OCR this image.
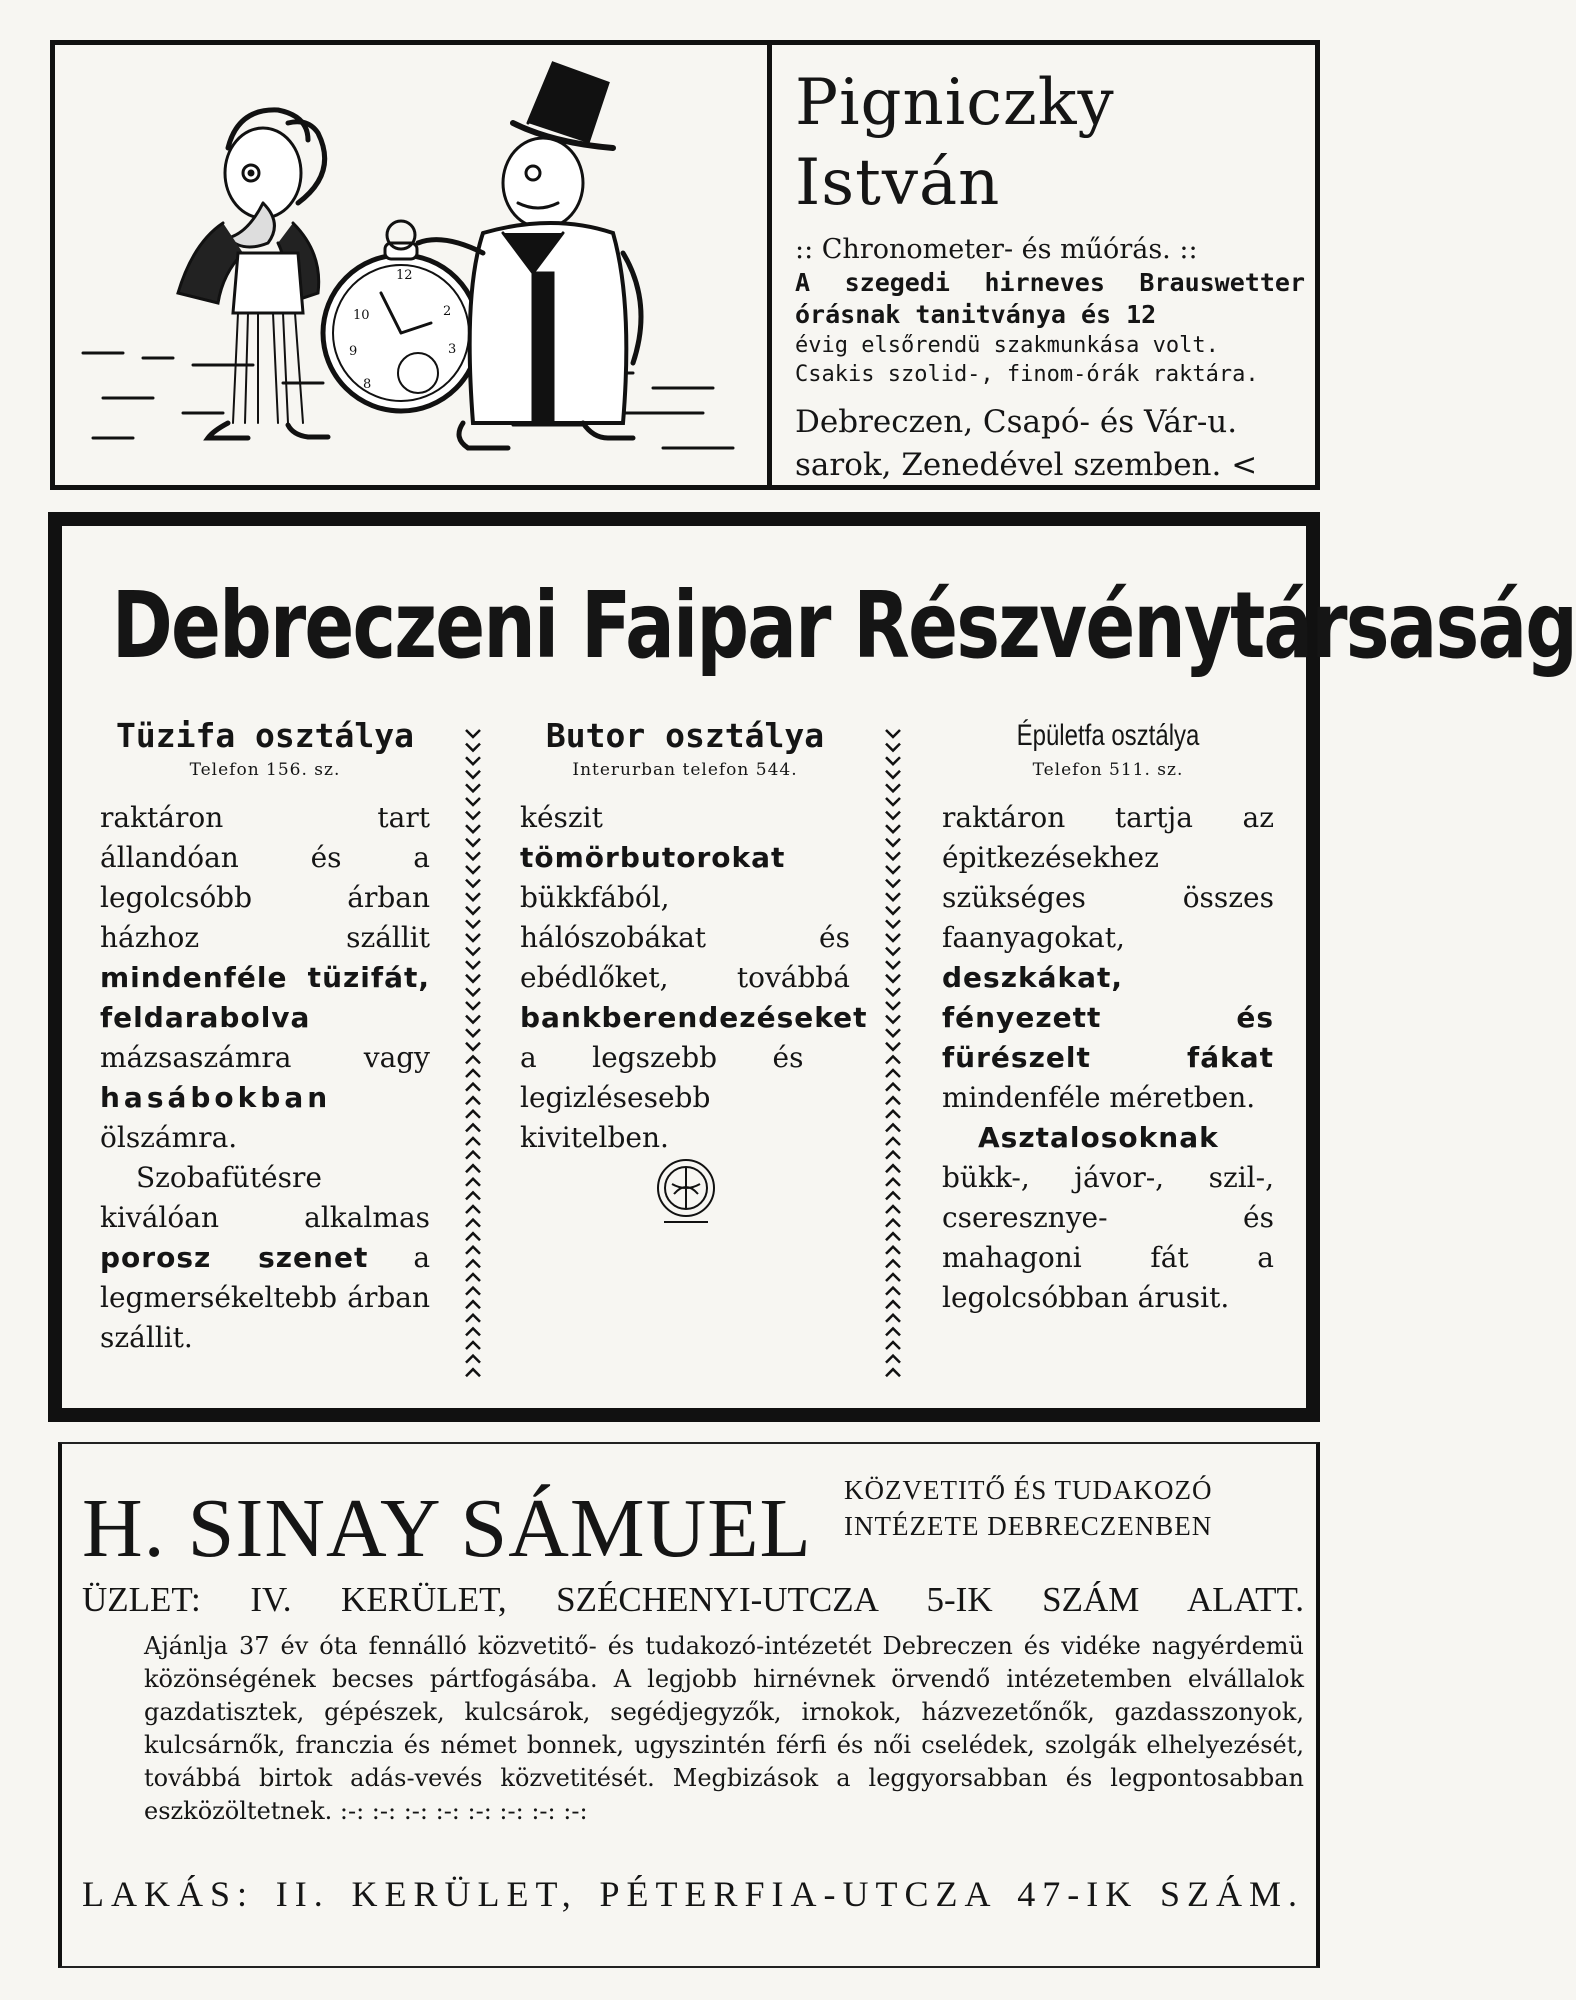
12
2
3
10
9
8
Pigniczky István
:: Chronometer- és műórás. ::
A szegedi hirneves Brauswetter órásnak tanitványa és 12
évig elsőrendü szakmunkása volt.
Csakis szolid-, finom-órák raktára.
Debreczen, Csapó- és Vár-u.
sarok, Zenedével szemben. <
Debreczeni Faipar Részvénytársaság
Tüzifa osztálya
Telefon 156. sz.

raktáron tart állandóan és a legolcsóbb árban házhoz szállit mindenféle tüzifát, feldarabolva mázsaszámra vagy hasábokban ölszámra.

Szobafütésre kiválóan alkalmas porosz szenet a legmersékeltebb árban szállit.

Butor osztálya
Interurban telefon 544.

készit tömörbutorokat bükkfából, hálószobákat és ebédlőket, továbbá bankberendezéseket a legszebb és legizlésesebb kivitelben.

Épületfa osztálya
Telefon 511. sz.

raktáron tartja az épitkezésekhez szükséges összes faanyagokat, deszkákat, fényezett és fürészelt fákat mindenféle méretben.

Asztalosoknak bükk-, jávor-, szil-, cseresznye- és mahagoni fát a legolcsóbban árusit.

H. SINAY SÁMUEL KÖZVETITŐ ÉS TUDAKOZÓ
INTÉZETE DEBRECZENBEN
ÜZLET: IV. KERÜLET, SZÉCHENYI-UTCZA 5-IK SZÁM ALATT.
Ajánlja 37 év óta fennálló közvetitő- és tudakozó-intézetét Debreczen és vidéke nagyérdemü közönségének becses pártfogásába. A legjobb hirnévnek örvendő intézetemben elvállalok gazdatisztek, gépészek, kulcsárok, segédjegyzők, irnokok, házvezetőnők, gazdasszonyok, kulcsárnők, franczia és német bonnek, ugyszintén férfi és női cselédek, szolgák elhelyezését, továbbá birtok adás-vevés közvetitését. Megbizások a leggyorsabban és legpontosabban eszközöltetnek. :-: :-: :-: :-: :-: :-: :-: :-:
LAKÁS: II. KERÜLET, PÉTERFIA-UTCZA 47-IK SZÁM.
